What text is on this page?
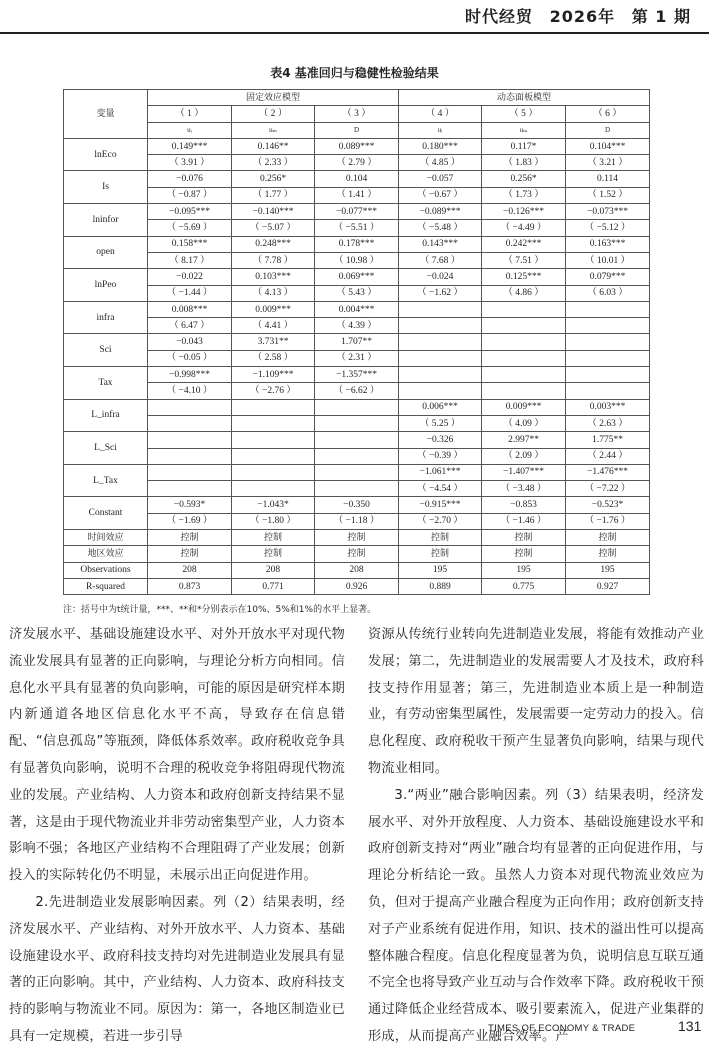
时代经贸 2026年 第 1 期
表4 基准回归与稳健性检验结果
变量	固定效应模型			动态面板模型		
	（ 1 ）	（ 2 ）	（ 3 ）	（ 4 ）	（ 5 ）	（ 6 ）
	uᵢ	uₘ	D	uᵢ	uₘ	D
lnEco	0.149***	0.146**	0.089***	0.180***	0.117*	0.104***
	（ 3.91 ）	（ 2.33 ）	（ 2.79 ）	（ 4.85 ）	（ 1.83 ）	（ 3.21 ）
Is	−0.076	0.256*	0.104	−0.057	0.256*	0.114
	（ −0.87 ）	（ 1.77 ）	（ 1.41 ）	（ −0.67 ）	（ 1.73 ）	（ 1.52 ）
lninfor	−0.095***	−0.140***	−0.077***	−0.089***	−0.126***	−0.073***
	（ −5.69 ）	（ −5.07 ）	（ −5.51 ）	（ −5.48 ）	（ −4.49 ）	（ −5.12 ）
open	0.158***	0.248***	0.178***	0.143***	0.242***	0.163***
	（ 8.17 ）	（ 7.78 ）	（ 10.98 ）	（ 7.68 ）	（ 7.51 ）	（ 10.01 ）
lnPeo	−0.022	0.103***	0.069***	−0.024	0.125***	0.079***
	（ −1.44 ）	（ 4.13 ）	（ 5.43 ）	（ −1.62 ）	（ 4.86 ）	（ 6.03 ）
infra	0.008***	0.009***	0.004***			
	（ 6.47 ）	（ 4.41 ）	（ 4.39 ）			
Sci	−0.043	3.731**	1.707**			
	（ −0.05 ）	（ 2.58 ）	（ 2.31 ）			
Tax	−0.998***	−1.109***	−1.357***			
	（ −4.10 ）	（ −2.76 ）	（ −6.62 ）			
L_infra				0.006***	0.009***	0.003***
				（ 5.25 ）	（ 4.09 ）	（ 2.63 ）
L_Sci				−0.326	2.997**	1.775**
				（ −0.39 ）	（ 2.09 ）	（ 2.44 ）
L_Tax				−1.061***	−1.407***	−1.476***
				（ −4.54 ）	（ −3.48 ）	（ −7.22 ）
Constant	−0.593*	−1.043*	−0.350	−0.915***	−0.853	−0.523*
	（ −1.69 ）	（ −1.80 ）	（ −1.18 ）	（ −2.70 ）	（ −1.46 ）	（ −1.76 ）
时间效应	控制	控制	控制	控制	控制	控制
地区效应	控制	控制	控制	控制	控制	控制
Observations	208	208	208	195	195	195
R-squared	0.873	0.771	0.926	0.889	0.775	0.927
注：括号中为t统计量，***、**和*分别表示在10%、5%和1%的水平上显著。

济发展水平、基础设施建设水平、对外开放水平对现代物流业发展具有显著的正向影响，与理论分析方向相同。信息化水平具有显著的负向影响，可能的原因是研究样本期内新通道各地区信息化水平不高，导致存在信息错配、“信息孤岛”等瓶颈，降低体系效率。政府税收竞争具有显著负向影响，说明不合理的税收竞争将阻碍现代物流业的发展。产业结构、人力资本和政府创新支持结果不显著，这是由于现代物流业并非劳动密集型产业，人力资本影响不强；各地区产业结构不合理阻碍了产业发展；创新投入的实际转化仍不明显，未展示出正向促进作用。

2.先进制造业发展影响因素。列（2）结果表明，经济发展水平、产业结构、对外开放水平、人力资本、基础设施建设水平、政府科技支持均对先进制造业发展具有显著的正向影响。其中，产业结构、人力资本、政府科技支持的影响与物流业不同。原因为：第一，各地区制造业已具有一定规模，若进一步引导

资源从传统行业转向先进制造业发展，将能有效推动产业发展；第二，先进制造业的发展需要人才及技术，政府科技支持作用显著；第三，先进制造业本质上是一种制造业，有劳动密集型属性，发展需要一定劳动力的投入。信息化程度、政府税收干预产生显著负向影响，结果与现代物流业相同。

3.“两业”融合影响因素。列（3）结果表明，经济发展水平、对外开放程度、人力资本、基础设施建设水平和政府创新支持对“两业”融合均有显著的正向促进作用，与理论分析结论一致。虽然人力资本对现代物流业效应为负，但对于提高产业融合程度为正向作用；政府创新支持对子产业系统有促进作用，知识、技术的溢出性可以提高整体融合程度。信息化程度显著为负，说明信息互联互通不完全也将导致产业互动与合作效率下降。政府税收干预通过降低企业经营成本、吸引要素流入，促进产业集群的形成，从而提高产业融合效率。产

TIMES OF ECONOMY & TRADE	131
